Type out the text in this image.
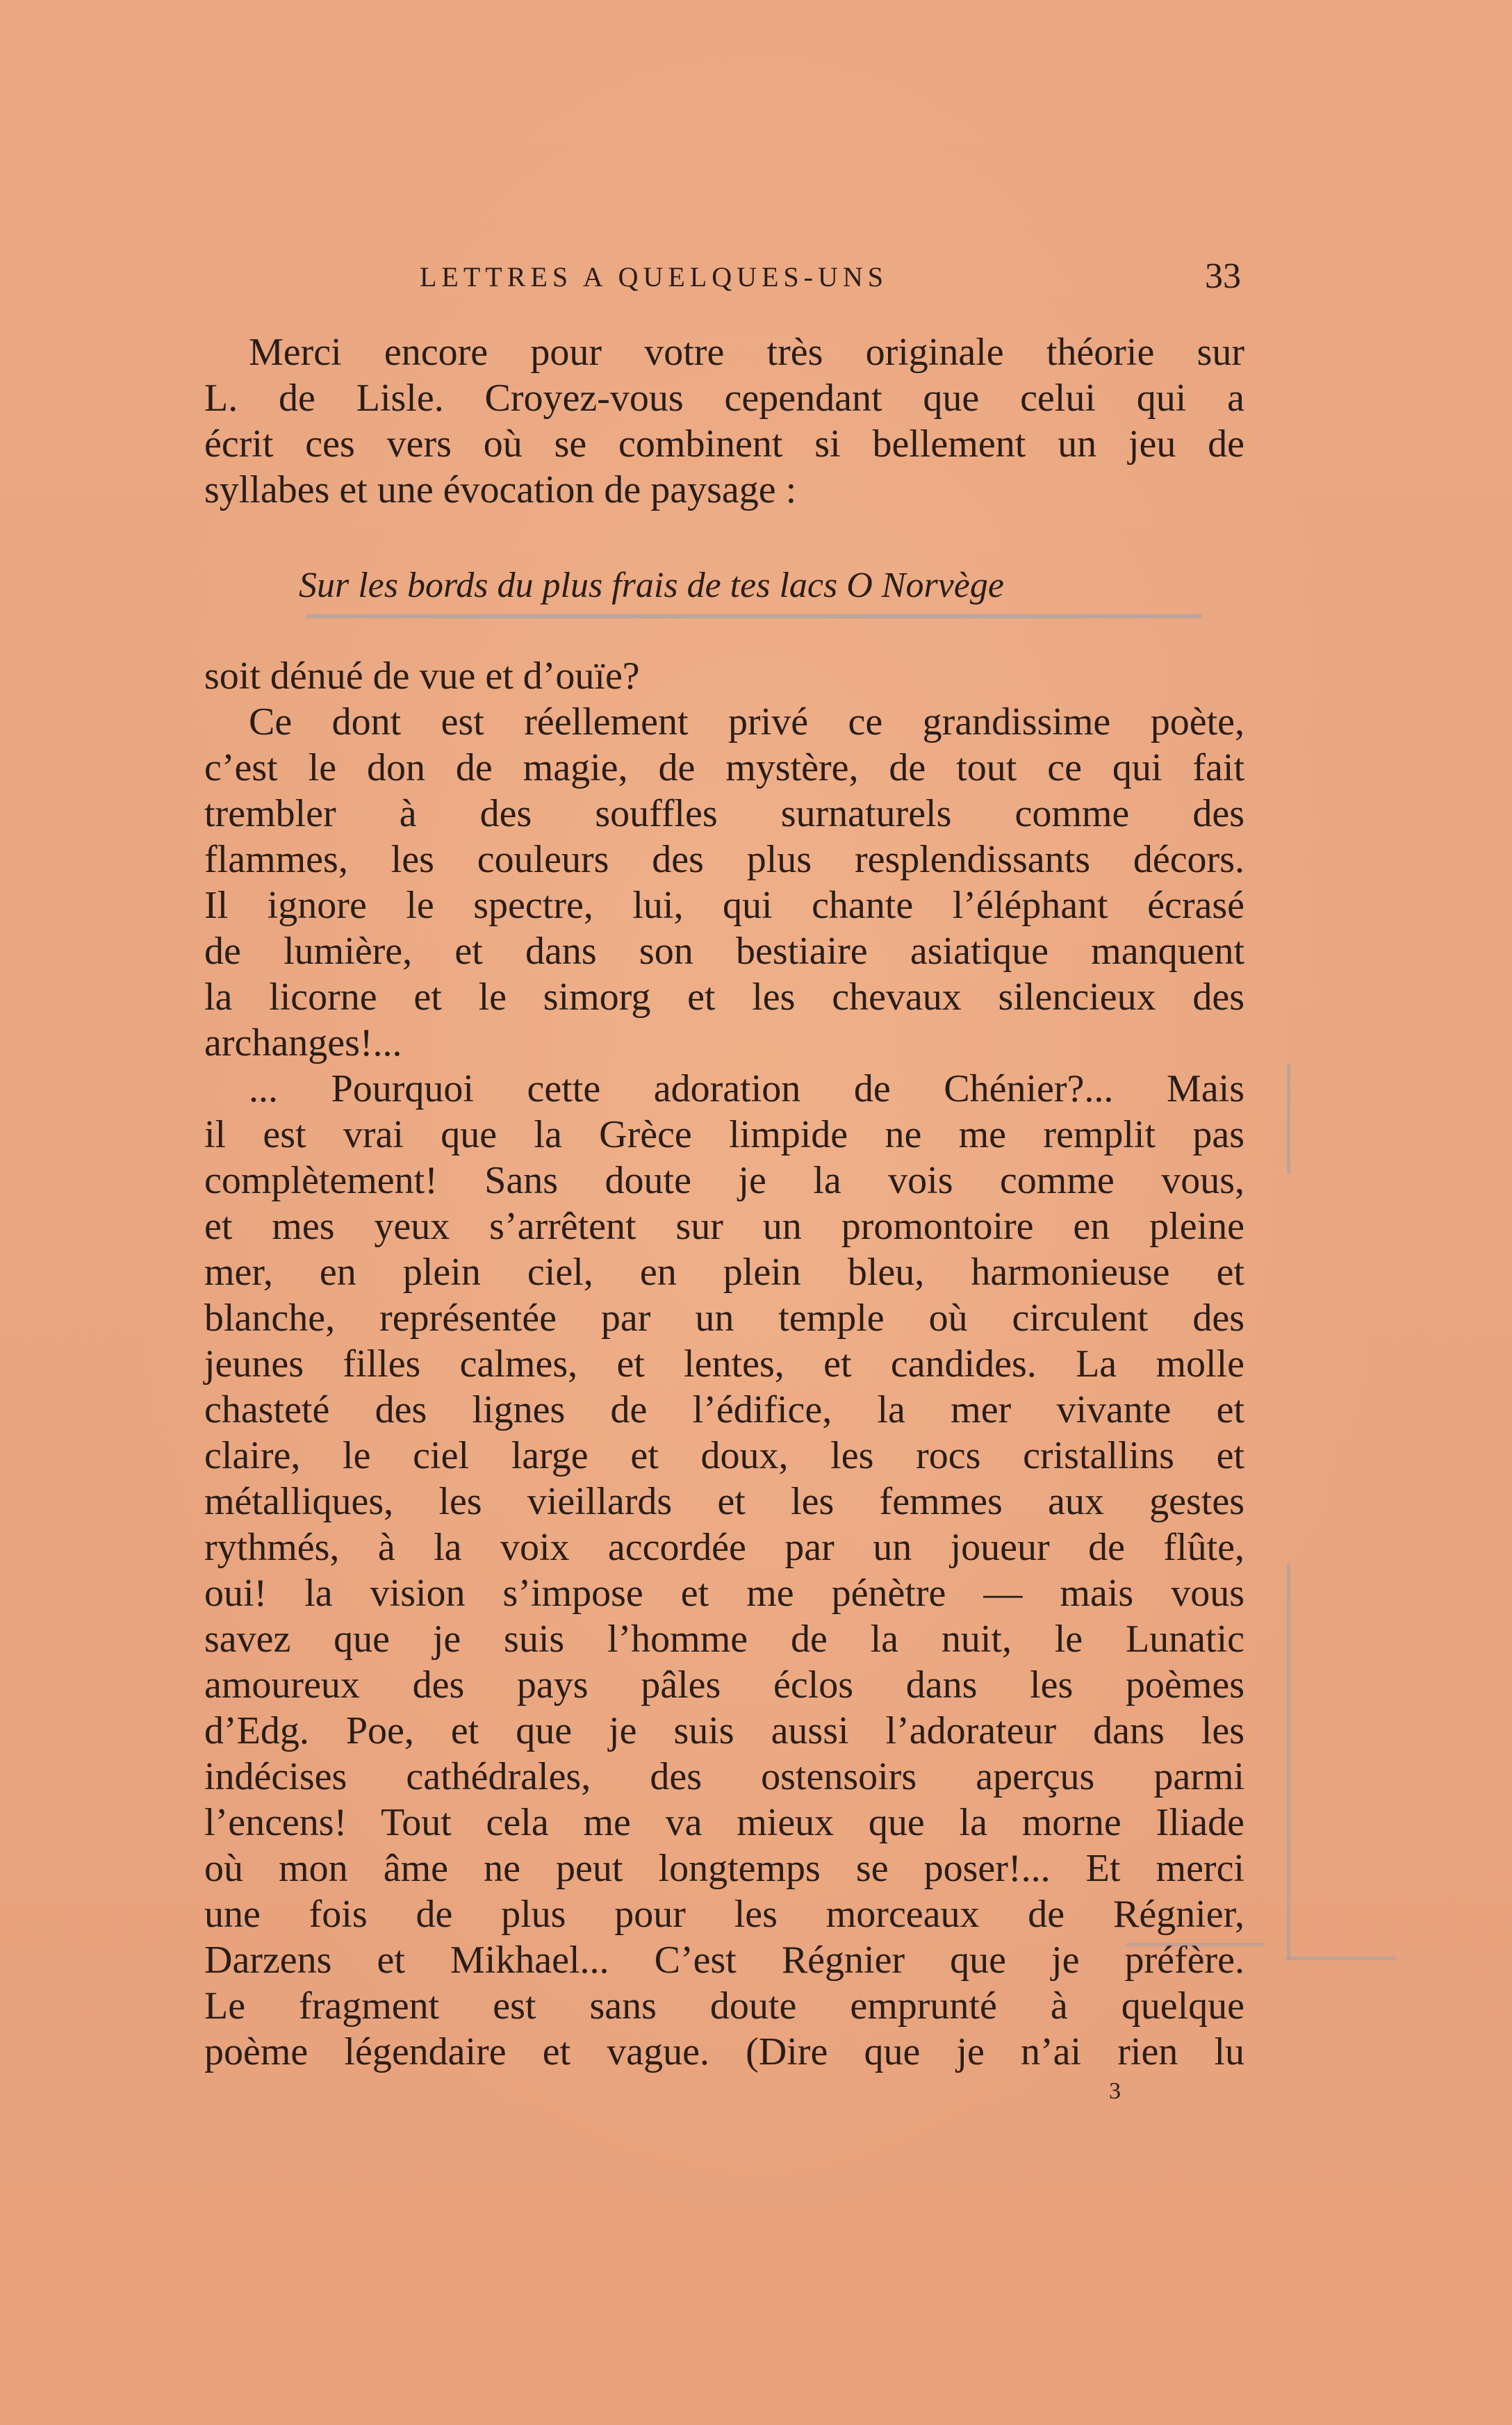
LETTRES A QUELQUES-UNS	33
Merci encore pour votre très originale théorie sur
L. de Lisle. Croyez-vous cependant que celui qui a
écrit ces vers où se combinent si bellement un jeu de
syllabes et une évocation de paysage :
Sur les bords du plus frais de tes lacs O Norvège
soit dénué de vue et d’ouïe?
Ce dont est réellement privé ce grandissime poète,
c’est le don de magie, de mystère, de tout ce qui fait
trembler à des souffles surnaturels comme des
flammes, les couleurs des plus resplendissants décors.
Il ignore le spectre, lui, qui chante l’éléphant écrasé
de lumière, et dans son bestiaire asiatique manquent
la licorne et le simorg et les chevaux silencieux des
archanges!...
... Pourquoi cette adoration de Chénier?... Mais
il est vrai que la Grèce limpide ne me remplit pas
complètement! Sans doute je la vois comme vous,
et mes yeux s’arrêtent sur un promontoire en pleine
mer, en plein ciel, en plein bleu, harmonieuse et
blanche, représentée par un temple où circulent des
jeunes filles calmes, et lentes, et candides. La molle
chasteté des lignes de l’édifice, la mer vivante et
claire, le ciel large et doux, les rocs cristallins et
métalliques, les vieillards et les femmes aux gestes
rythmés, à la voix accordée par un joueur de flûte,
oui! la vision s’impose et me pénètre — mais vous
savez que je suis l’homme de la nuit, le Lunatic
amoureux des pays pâles éclos dans les poèmes
d’Edg. Poe, et que je suis aussi l’adorateur dans les
indécises cathédrales, des ostensoirs aperçus parmi
l’encens! Tout cela me va mieux que la morne Iliade
où mon âme ne peut longtemps se poser!... Et merci
une fois de plus pour les morceaux de Régnier,
Darzens et Mikhael... C’est Régnier que je préfère.
Le fragment est sans doute emprunté à quelque
poème légendaire et vague. (Dire que je n’ai rien lu
3
